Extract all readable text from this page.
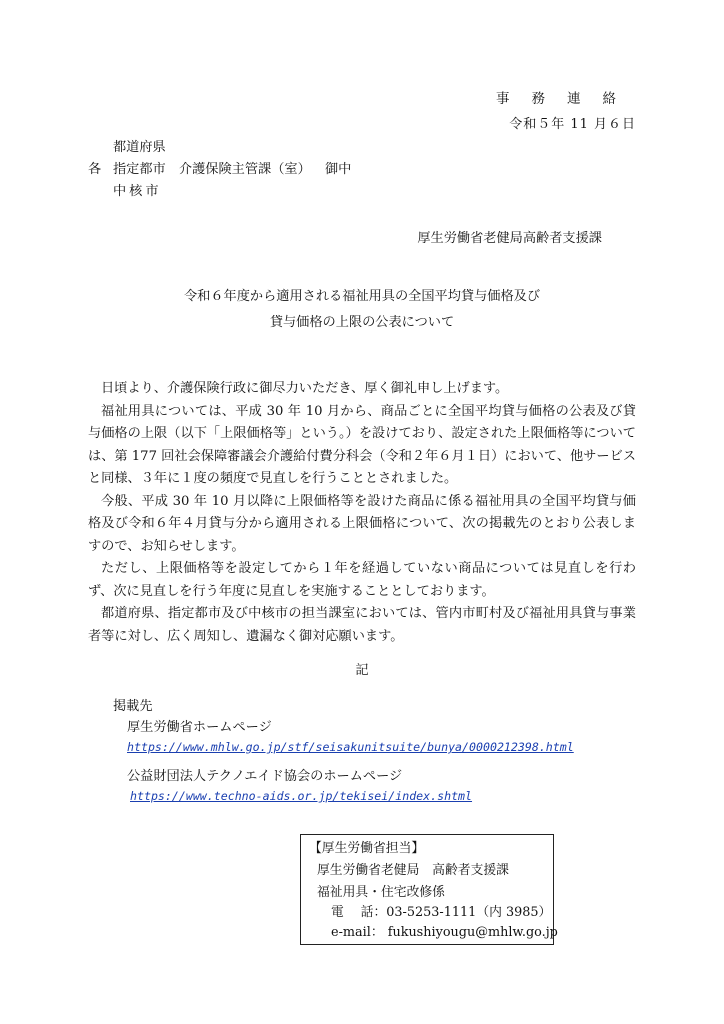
事務連絡
令和５年 11 月６日
都道府県
各 指定都市　介護保険主管課（室） 御中
中核市
厚生労働省老健局高齢者支援課
令和６年度から適用される福祉用具の全国平均貸与価格及び
貸与価格の上限の公表について

日頃より、介護保険行政に御尽力いただき、厚く御礼申し上げます。

福祉用具については、平成 30 年 10 月から、商品ごとに全国平均貸与価格の公表及び貸与価格の上限（以下「上限価格等」という。）を設けており、設定された上限価格等については、第 177 回社会保障審議会介護給付費分科会（令和２年６月１日）において、他サービスと同様、３年に１度の頻度で見直しを行うこととされました。

今般、平成 30 年 10 月以降に上限価格等を設けた商品に係る福祉用具の全国平均貸与価格及び令和６年４月貸与分から適用される上限価格について、次の掲載先のとおり公表しますので、お知らせします。

ただし、上限価格等を設定してから１年を経過していない商品については見直しを行わず、次に見直しを行う年度に見直しを実施することとしております。

都道府県、指定都市及び中核市の担当課室においては、管内市町村及び福祉用具貸与事業者等に対し、広く周知し、遺漏なく御対応願います。

記
掲載先
厚生労働省ホームページ
https://www.mhlw.go.jp/stf/seisakunitsuite/bunya/0000212398.html
公益財団法人テクノエイド協会のホームページ
https://www.techno-aids.or.jp/tekisei/index.shtml
【厚生労働省担当】
厚生労働省老健局　高齢者支援課
福祉用具・住宅改修係
電　 話：03-5253-1111（内 3985）
e-mail： fukushiyougu@mhlw.go.jp
